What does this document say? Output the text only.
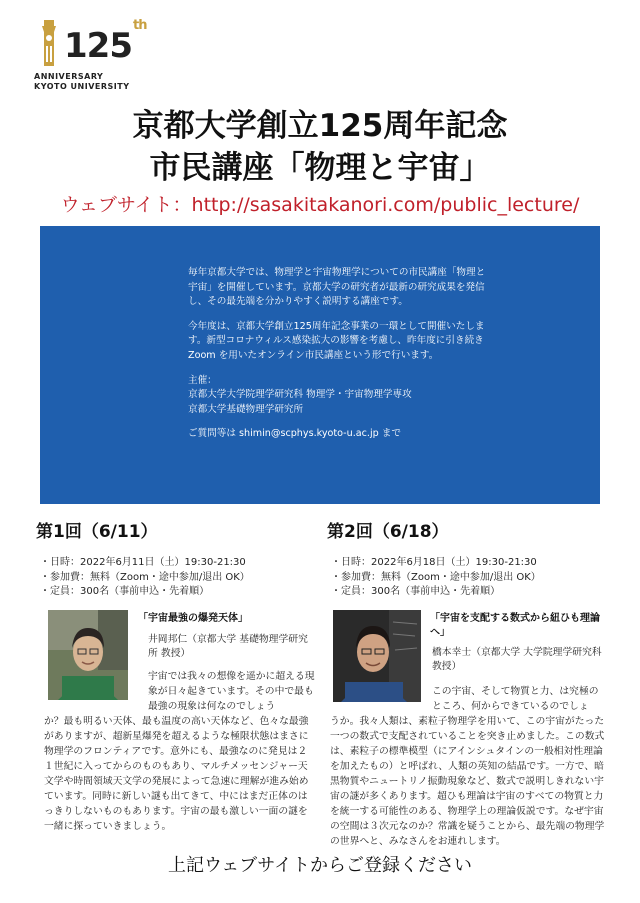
125th
ANNIVERSARY
KYOTO UNIVERSITY
京都大学創立125周年記念
市民講座「物理と宇宙」
ウェブサイト：http://sasakitakanori.com/public_lecture/

毎年京都大学では、物理学と宇宙物理学についての市民講座「物理と宇宙」を開催しています。京都大学の研究者が最新の研究成果を発信し、その最先端を分かりやすく説明する講座です。

今年度は、京都大学創立125周年記念事業の一環として開催いたします。新型コロナウィルス感染拡大の影響を考慮し、昨年度に引き続き Zoom を用いたオンライン市民講座という形で行います。

主催：
京都大学大学院理学研究科 物理学・宇宙物理学専攻
京都大学基礎物理学研究所

ご質問等は shimin@scphys.kyoto-u.ac.jp まで

第1回（6/11）
・日時：2022年6月11日（土）19:30-21:30
・参加費：無料（Zoom・途中参加/退出 OK）
・定員：300名（事前申込・先着順）
「宇宙最強の爆発天体」
井岡邦仁（京都大学 基礎物理学研究所 教授）
宇宙では我々の想像を遥かに超える現象が日々起きています。その中で最も最強の現象は何なのでしょう
か？最も明るい天体、最も温度の高い天体など、色々な最強がありますが、超新星爆発を超えるような極限状態はまさに物理学のフロンティアです。意外にも、最強なのに発見は２１世紀に入ってからのものもあり、マルチメッセンジャー天文学や時間領域天文学の発展によって急速に理解が進み始めています。同時に新しい謎も出てきて、中にはまだ正体のはっきりしないものもあります。宇宙の最も激しい一面の謎を一緒に探っていきましょう。
第2回（6/18）
・日時：2022年6月18日（土）19:30-21:30
・参加費：無料（Zoom・途中参加/退出 OK）
・定員：300名（事前申込・先着順）
「宇宙を支配する数式から紐ひも理論へ」
橋本幸士（京都大学 大学院理学研究科 教授）
この宇宙、そして物質と力、は究極のところ、何からできているのでしょ
うか。我々人類は、素粒子物理学を用いて、この宇宙がたった一つの数式で支配されていることを突き止めました。この数式は、素粒子の標準模型（にアインシュタインの一般相対性理論を加えたもの）と呼ばれ、人類の英知の結晶です。一方で、暗黒物質やニュートリノ振動現象など、数式で説明しきれない宇宙の謎が多くあります。超ひも理論は宇宙のすべての物質と力を統一する可能性のある、物理学上の理論仮説です。なぜ宇宙の空間は３次元なのか？常識を疑うことから、最先端の物理学の世界へと、みなさんをお連れします。
上記ウェブサイトからご登録ください
